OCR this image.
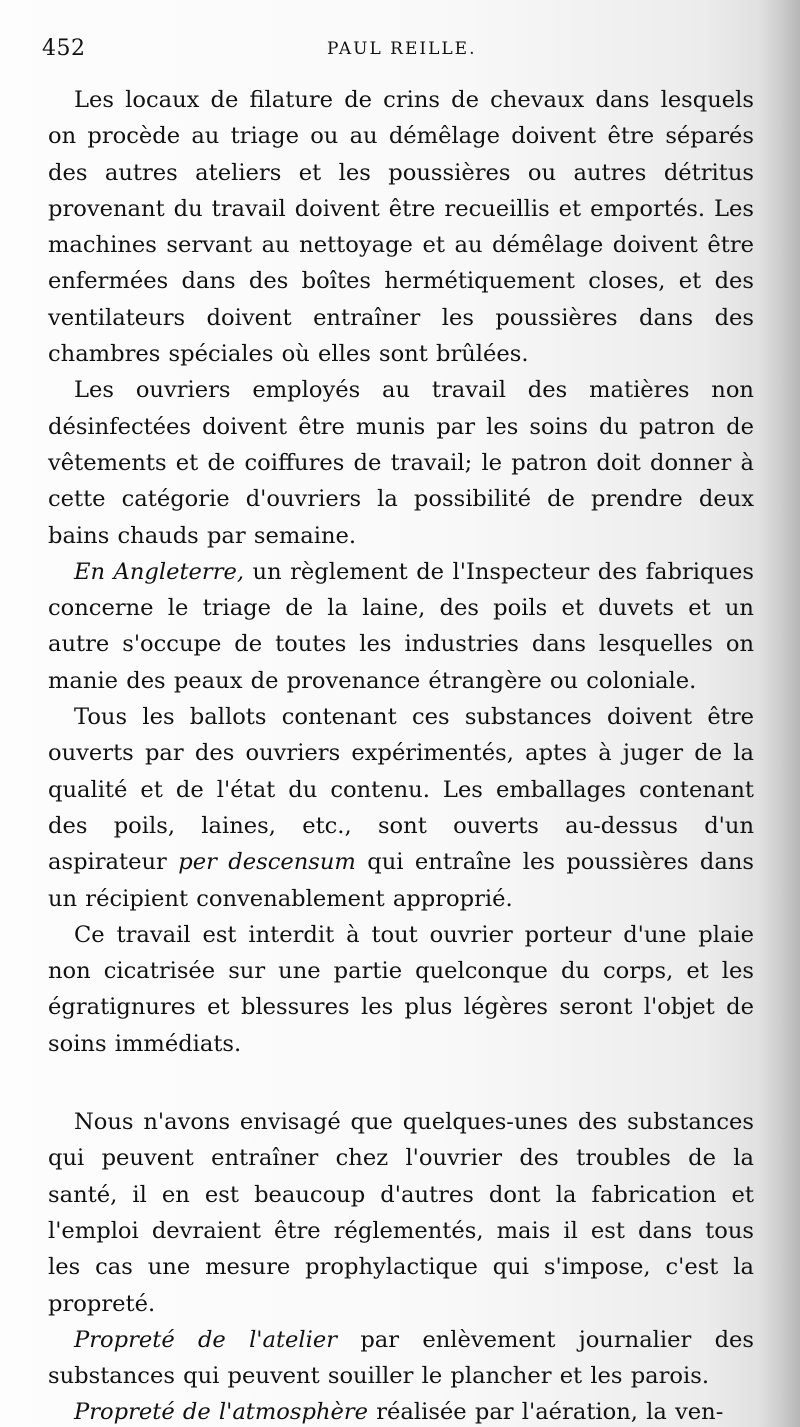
452	PAUL REILLE.

Les locaux de filature de crins de chevaux dans lesquels on procède au triage ou au démêlage doivent être séparés des autres ateliers et les poussières ou autres détritus provenant du travail doivent être recueillis et emportés. Les machines servant au nettoyage et au démêlage doivent être enfermées dans des boîtes hermétiquement closes, et des ventilateurs doivent entraîner les poussières dans des chambres spéciales où elles sont brûlées.

Les ouvriers employés au travail des matières non désinfectées doivent être munis par les soins du patron de vêtements et de coiffures de travail; le patron doit donner à cette catégorie d'ouvriers la possibilité de prendre deux bains chauds par semaine.

En Angleterre, un règlement de l'Inspecteur des fabriques concerne le triage de la laine, des poils et duvets et un autre s'occupe de toutes les industries dans lesquelles on manie des peaux de provenance étrangère ou coloniale.

Tous les ballots contenant ces substances doivent être ouverts par des ouvriers expérimentés, aptes à juger de la qualité et de l'état du contenu. Les emballages contenant des poils, laines, etc., sont ouverts au-dessus d'un aspirateur per descensum qui entraîne les poussières dans un récipient convenablement approprié.

Ce travail est interdit à tout ouvrier porteur d'une plaie non cicatrisée sur une partie quelconque du corps, et les égratignures et blessures les plus légères seront l'objet de soins immédiats.

Nous n'avons envisagé que quelques-unes des substances qui peuvent entraîner chez l'ouvrier des troubles de la santé, il en est beaucoup d'autres dont la fabrication et l'emploi devraient être réglementés, mais il est dans tous les cas une mesure prophylactique qui s'impose, c'est la propreté.

Propreté de l'atelier par enlèvement journalier des substances qui peuvent souiller le plancher et les parois.

Propreté de l'atmosphère réalisée par l'aération, la ven-
